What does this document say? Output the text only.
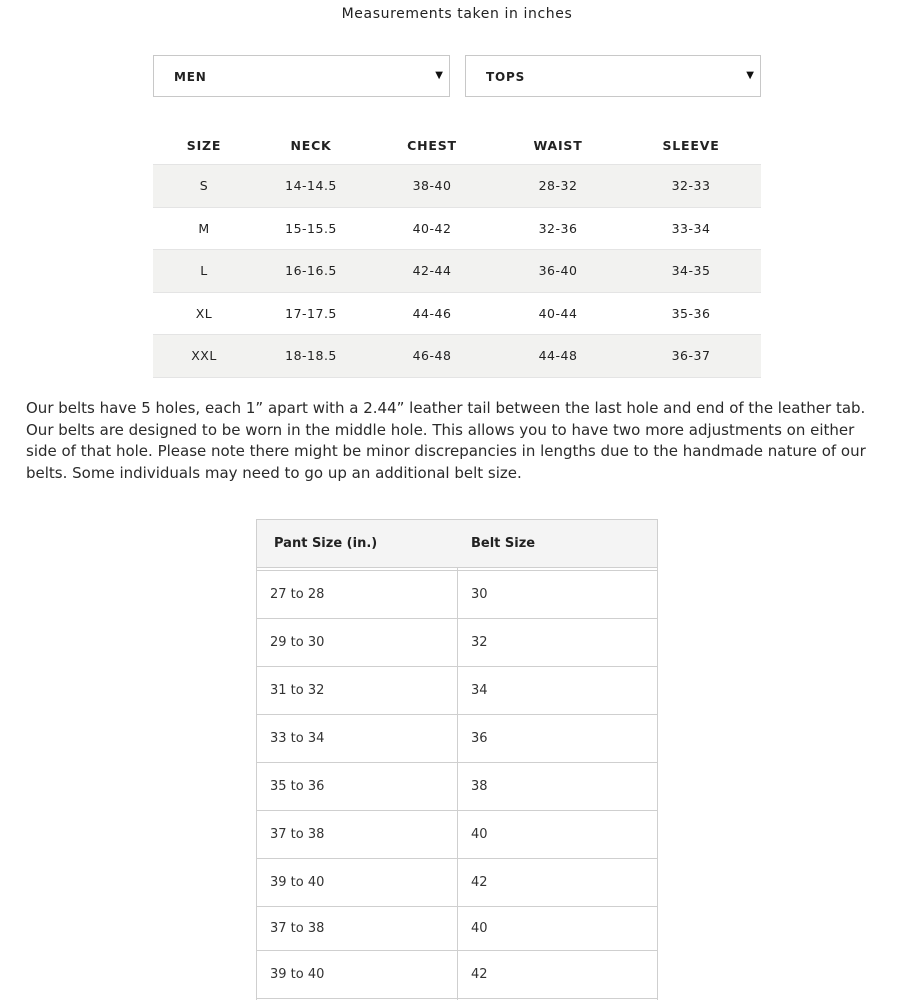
Measurements taken in inches
MEN	▼	TOPS	▼
SIZE	NECK	CHEST	WAIST	SLEEVE
S	14-14.5	38-40	28-32	32-33
M	15-15.5	40-42	32-36	33-34
L	16-16.5	42-44	36-40	34-35
XL	17-17.5	44-46	40-44	35-36
XXL	18-18.5	46-48	44-48	36-37

Our belts have 5 holes, each 1” apart with a 2.44” leather tail between the last hole and end of the leather tab. Our belts are designed to be worn in the middle hole. This allows you to have two more adjustments on either side of that hole. Please note there might be minor discrepancies in lengths due to the handmade nature of our belts. Some individuals may need to go up an additional belt size.

Pant Size (in.)	Belt Size
27 to 28	30
29 to 30	32
31 to 32	34
33 to 34	36
35 to 36	38
37 to 38	40
39 to 40	42
37 to 38	40
39 to 40	42
